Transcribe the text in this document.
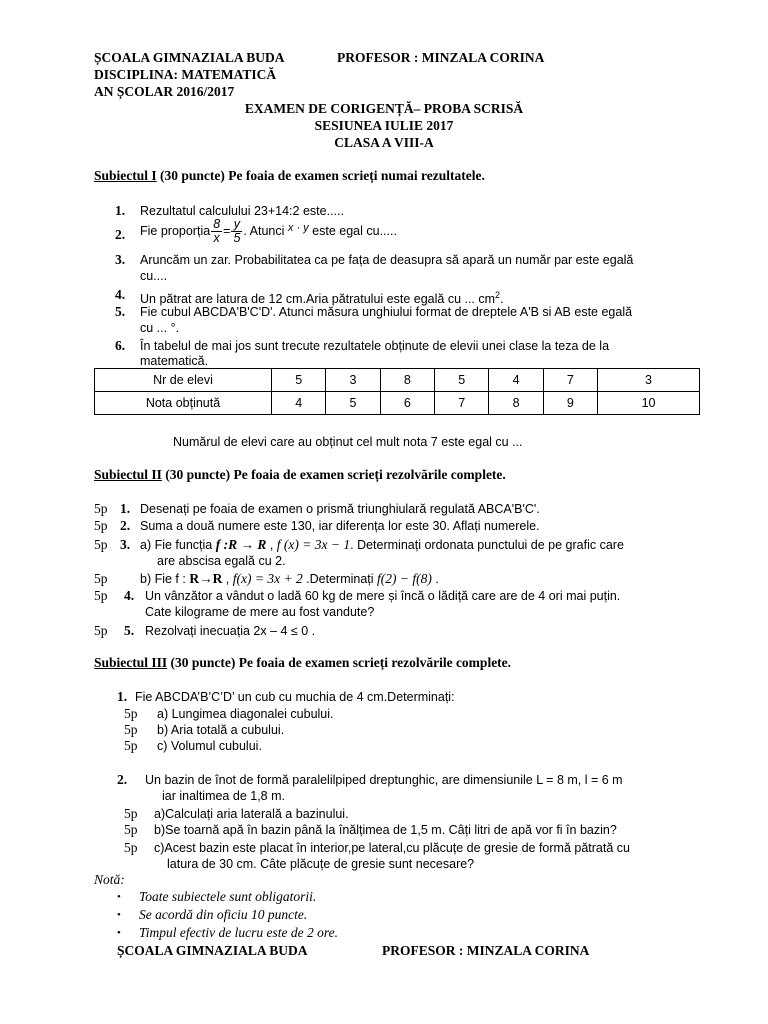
ȘCOALA GIMNAZIALA BUDA	PROFESOR : MINZALA CORINA
DISCIPLINA: MATEMATICĂ
AN ȘCOLAR 2016/2017
EXAMEN DE CORIGENȚĂ– PROBA SCRISĂ
SESIUNEA IULIE 2017
CLASA A VIII-A
Subiectul I (30 puncte) Pe foaia de examen scrieți numai rezultatele.
1. Rezultatul calculului 23+14:2 este.....
2. Fie proporția $\frac{8}{x} = \frac{y}{5}$ . Atunci x · y este egal cu.....
3. Aruncăm un zar. Probabilitatea ca pe fața de deasupra să apară un număr par este egală
cu....
4. Un pătrat are latura de 12 cm.Aria pătratului este egală cu ... $cm^2$.
5. Fie cubul ABCDA'B'C'D'. Atunci măsura unghiului format de dreptele A'B si AB este egală
cu ... °.
6. În tabelul de mai jos sunt trecute rezultatele obținute de elevii unei clase la teza de la
matematică.
Nr de elevi	5	3	8	5	4	7	3
Nota obținută	4	5	6	7	8	9	10
Numărul de elevi care au obținut cel mult nota 7 este egal cu ...
Subiectul II (30 puncte) Pe foaia de examen scrieți rezolvările complete.
5p 1. Desenați pe foaia de examen o prismă triunghiulară regulată ABCA'B'C'.
5p 2. Suma a două numere este 130, iar diferența lor este 30. Aflați numerele.
5p 3. a) Fie funcția f :R → R , f (x) = 3x − 1. Determinați ordonata punctului de pe grafic care
are abscisa egală cu 2.
5p	b) Fie f : R→R , f(x) = 3x + 2 .Determinați f(2) − f(8) .
5p 4. Un vânzător a vândut o ladă 60 kg de mere și încă o lădiță care are de 4 ori mai puțin.
Cate kilograme de mere au fost vandute?
5p 5. Rezolvați inecuația 2x – 4 ≤ 0 .
Subiectul III (30 puncte) Pe foaia de examen scrieți rezolvările complete.
1. Fie ABCDA’B’C’D’ un cub cu muchia de 4 cm.Determinați:
5p a) Lungimea diagonalei cubului.
5p b) Aria totală a cubului.
5p c) Volumul cubului.
2. Un bazin de înot de formă paralelilpiped dreptunghic, are dimensiunile L = 8 m, l = 6 m
iar inaltimea de 1,8 m.
5p a)Calculați aria laterală a bazinului.
5p b)Se toarnă apă în bazin până la înălțimea de 1,5 m. Câți litri de apă vor fi în bazin?
5p c)Acest bazin este placat în interior,pe lateral,cu plăcuțe de gresie de formă pătrată cu
latura de 30 cm. Câte plăcuțe de gresie sunt necesare?
Notă:
• Toate subiectele sunt obligatorii.
• Se acordă din oficiu 10 puncte.
• Timpul efectiv de lucru este de 2 ore.
ȘCOALA GIMNAZIALA BUDA	PROFESOR : MINZALA CORINA
